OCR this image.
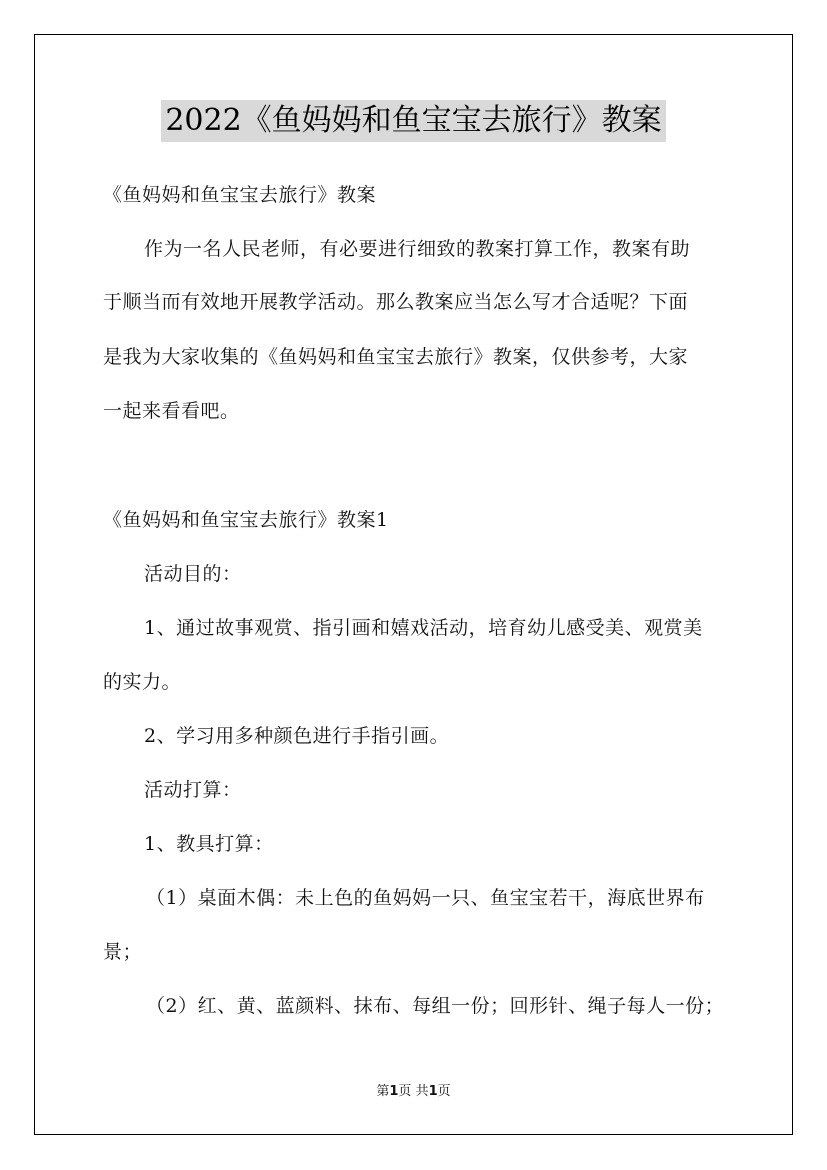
2022《鱼妈妈和鱼宝宝去旅行》教案
《鱼妈妈和鱼宝宝去旅行》教案
作为一名人民老师，有必要进行细致的教案打算工作，教案有助
于顺当而有效地开展教学活动。那么教案应当怎么写才合适呢？下面
是我为大家收集的《鱼妈妈和鱼宝宝去旅行》教案，仅供参考，大家
一起来看看吧。
《鱼妈妈和鱼宝宝去旅行》教案1
活动目的：
1、通过故事观赏、指引画和嬉戏活动，培育幼儿感受美、观赏美
的实力。
2、学习用多种颜色进行手指引画。
活动打算：
1、教具打算：
（1）桌面木偶：未上色的鱼妈妈一只、鱼宝宝若干，海底世界布
景；
（2）红、黄、蓝颜料、抹布、每组一份；回形针、绳子每人一份；
第1页 共1页
